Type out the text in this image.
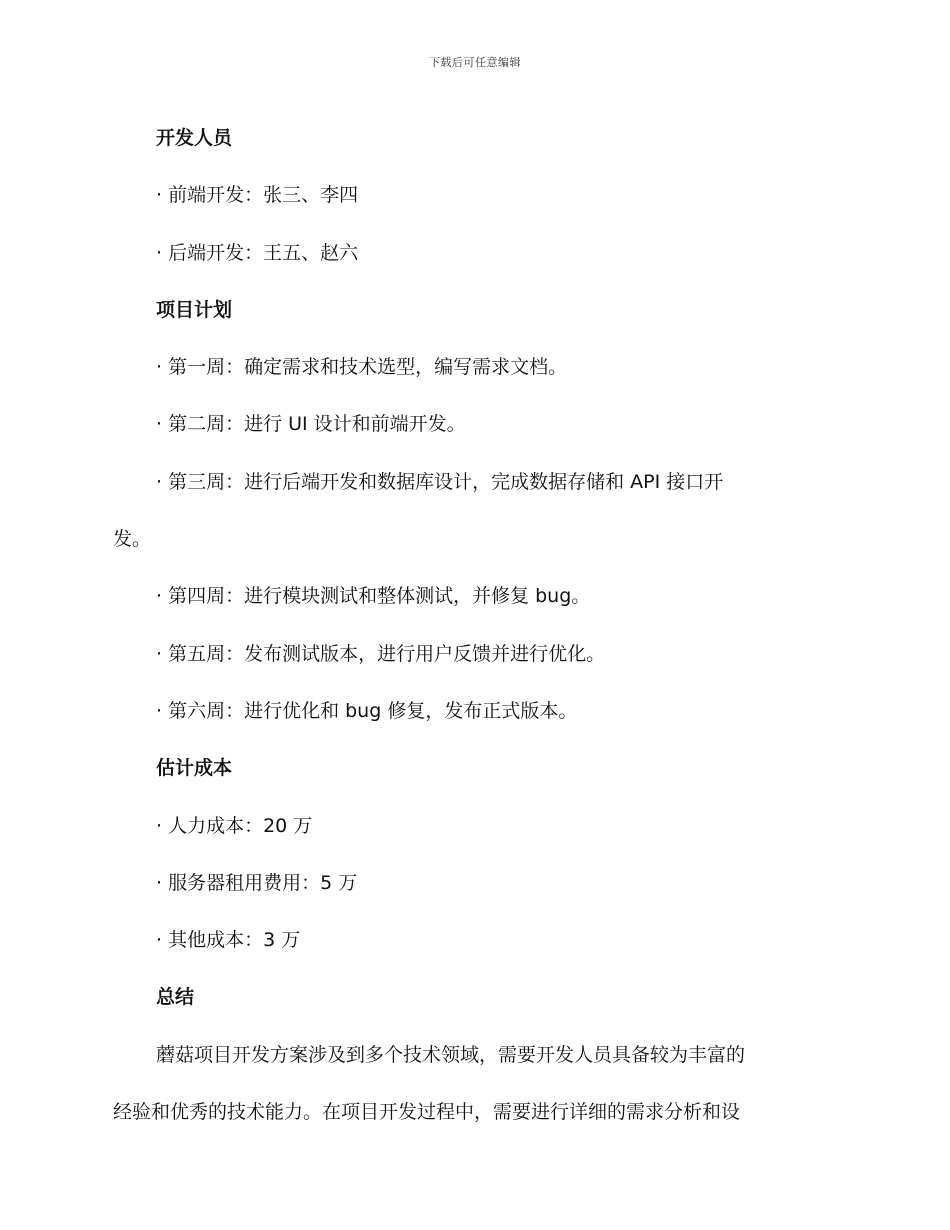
下载后可任意编辑
开发人员
· 前端开发：张三、李四
· 后端开发：王五、赵六
项目计划
· 第一周：确定需求和技术选型，编写需求文档。
· 第二周：进行 UI 设计和前端开发。
· 第三周：进行后端开发和数据库设计，完成数据存储和 API 接口开
发。
· 第四周：进行模块测试和整体测试，并修复 bug。
· 第五周：发布测试版本，进行用户反馈并进行优化。
· 第六周：进行优化和 bug 修复，发布正式版本。
估计成本
· 人力成本：20 万
· 服务器租用费用：5 万
· 其他成本：3 万
总结
蘑菇项目开发方案涉及到多个技术领域，需要开发人员具备较为丰富的
经验和优秀的技术能力。在项目开发过程中，需要进行详细的需求分析和设
